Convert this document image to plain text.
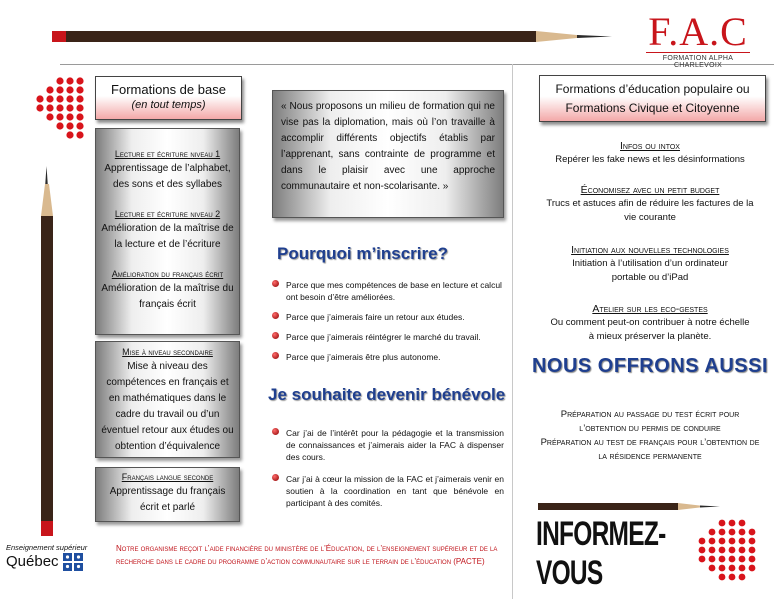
F.A.C
FORMATION ALPHA CHARLEVOIX
Formations de base
(en tout temps)
Lecture et écriture niveau 1
Apprentissage de l’alphabet, des sons et des syllabes
Lecture et écriture niveau 2
Amélioration de la maîtrise de la lecture et de l’écriture
Amélioration du français écrit
Amélioration de la maîtrise du français écrit
Mise à niveau secondaire
Mise à niveau des compétences en français et en mathématiques dans le cadre du travail ou d’un éventuel retour aux études ou obtention d’équivalence
Français langue seconde
Apprentissage du français écrit et parlé
« Nous proposons un milieu de formation qui ne vise pas la diplomation, mais où l’on travaille à accomplir différents objectifs établis par l’apprenant, sans contrainte de programme et dans le plaisir avec une approche communautaire et non-scolarisante. »
Pourquoi m’inscrire?
Parce que mes compétences de base en lecture et calcul ont besoin d’être améliorées.
Parce que j’aimerais faire un retour aux études.
Parce que j’aimerais réintégrer le marché du travail.
Parce que j’aimerais être plus autonome.
Je souhaite devenir bénévole
Car j’ai de l’intérêt pour la pédagogie et la transmission de connaissances et j’aimerais aider la FAC à dispenser des cours.
Car j’ai à cœur la mission de la FAC et j’aimerais venir en soutien à la coordination en tant que bénévole en participant à des comités.
Formations d’éducation populaire ou Formations Civique et Citoyenne
Infos ou intox
Repérer les fake news et les désinformations
Économisez avec un petit budget
Trucs et astuces afin de réduire les factures de la vie courante
Initiation aux nouvelles technologies
Initiation à l’utilisation d’un ordinateur portable ou d’iPad
Atelier sur les eco-gestes
Ou comment peut-on contribuer à notre échelle à mieux préserver la planète.
NOUS OFFRONS AUSSI
Préparation au passage du test écrit pour l’obtention du permis de conduire
Préparation au test de français pour l’obtention de la résidence permanente
INFORMEZ-VOUS
Enseignement supérieur
Québec
Notre organisme reçoit l’aide financière du ministère de l’Éducation, de l’enseignement supérieur et de la recherche dans le cadre du programme d’action communautaire sur le terrain de l’éducation (PACTE)
